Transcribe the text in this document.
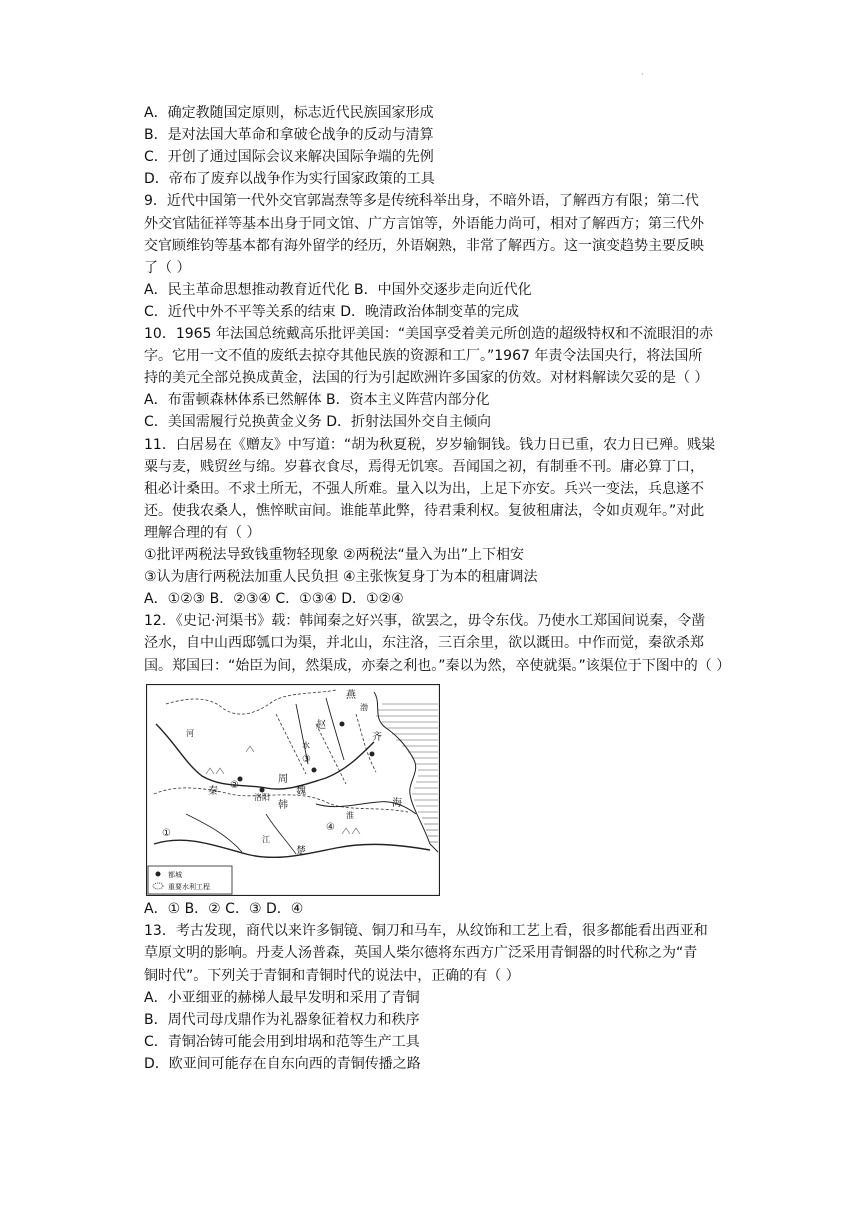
·
A．确定教随国定原则，标志近代民族国家形成
B．是对法国大革命和拿破仑战争的反动与清算
C．开创了通过国际会议来解决国际争端的先例
D．帝布了废弃以战争作为实行国家政策的工具
9．近代中国第一代外交官郭嵩焘等多是传统科举出身，不暗外语，了解西方有限；第二代
外交官陆征祥等基本出身于同文馆、广方言馆等，外语能力尚可，相对了解西方；第三代外
交官顾维钧等基本都有海外留学的经历，外语娴熟，非常了解西方。这一演变趋势主要反映
了（ ）
A．民主革命思想推动教育近代化 B．中国外交逐步走向近代化
C．近代中外不平等关系的结束 D．晚清政治体制变革的完成
10．1965 年法国总统戴高乐批评美国：“美国享受着美元所创造的超级特权和不流眼泪的赤
字。它用一文不值的废纸去掠夺其他民族的资源和工厂。”1967 年责令法国央行，将法国所
持的美元全部兑换成黄金，法国的行为引起欧洲许多国家的仿效。对材料解读欠妥的是（ ）
A．布雷顿森林体系已然解体 B．资本主义阵营内部分化
C．美国需履行兑换黄金义务 D．折射法国外交自主倾向
11．白居易在《赠友》中写道：“胡为秋夏税，岁岁输铜钱。钱力日已重，农力日已殚。贱粜
粟与麦，贱贸丝与绵。岁暮衣食尽，焉得无饥寒。吾闻国之初，有制垂不刊。庸必算丁口，
租必计桑田。不求土所无，不强人所难。量入以为出，上足下亦安。兵兴一变法，兵息遂不
还。使我农桑人，憔悴畎亩间。谁能革此弊，待君秉利权。复彼租庸法，令如贞观年。”对此
理解合理的有（ ）
①批评两税法导致钱重物轻现象 ②两税法“量入为出”上下相安
③认为唐行两税法加重人民负担 ④主张恢复身丁为本的租庸调法
A．①②③ B．②③④ C．①③④ D．①②④
12．《史记·河渠书》载：韩闻秦之好兴事，欲罢之，毋令东伐。乃使水工郑国间说秦，令凿
泾水，自中山西邸瓠口为渠，并北山，东注洛，三百余里，欲以溉田。中作而觉，秦欲杀郑
国。郑国曰：“始臣为间，然渠成，亦秦之利也。”秦以为然，卒使就渠。”该渠位于下图中的（ ）
燕
赵
齐
海
水
秦
周
魏
韩
洛阳
楚
江
河
淮
渤
①
②
③
④
都城
重要水利工程
A．① B．② C．③ D．④
13．考古发现，商代以来许多铜镜、铜刀和马车，从纹饰和工艺上看，很多都能看出西亚和
草原文明的影响。丹麦人汤普森，英国人柴尔德将东西方广泛采用青铜器的时代称之为“青
铜时代”。下列关于青铜和青铜时代的说法中，正确的有（ ）
A．小亚细亚的赫梯人最早发明和采用了青铜
B．周代司母戊鼎作为礼器象征着权力和秩序
C．青铜冶铸可能会用到坩埚和范等生产工具
D．欧亚间可能存在自东向西的青铜传播之路
